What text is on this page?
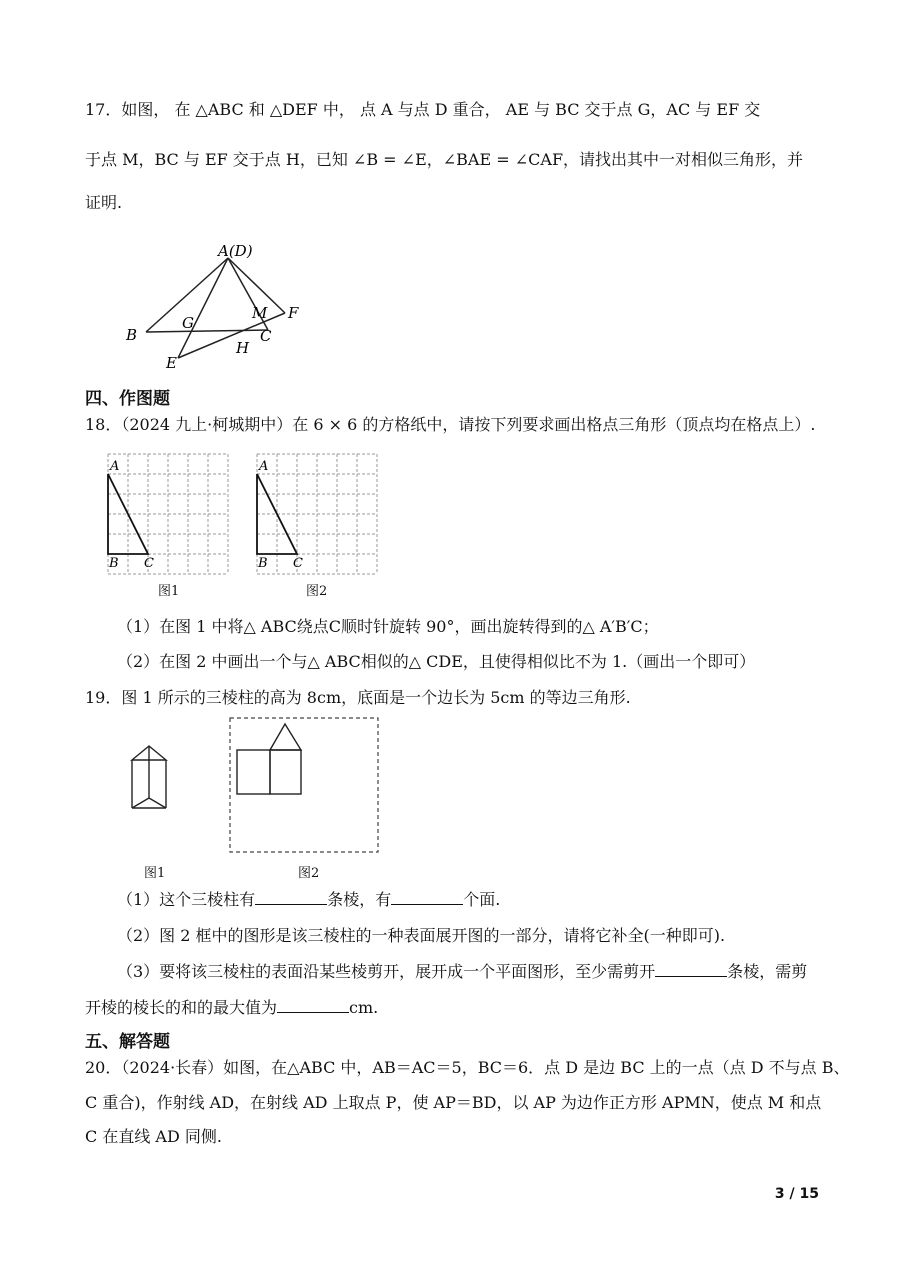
17．如图， 在 △ABC 和 △DEF 中， 点 A 与点 D 重合， AE 与 BC 交于点 G，AC 与 EF 交
于点 M，BC 与 EF 交于点 H，已知 ∠B = ∠E，∠BAE = ∠CAF，请找出其中一对相似三角形，并
证明.
A(D)
B
G
M F
C
H
E
四、作图题
18．（2024 九上·柯城期中）在 6 × 6 的方格纸中，请按下列要求画出格点三角形（顶点均在格点上）.
A
B C
图1
A
B C
图2
（1）在图 1 中将△ ABC绕点C顺时针旋转 90°，画出旋转得到的△ A′B′C；
（2）在图 2 中画出一个与△ ABC相似的△ CDE，且使得相似比不为 1.（画出一个即可）
19．图 1 所示的三棱柱的高为 8cm，底面是一个边长为 5cm 的等边三角形.
图1	图2
（1）这个三棱柱有	条棱，有	个面.
（2）图 2 框中的图形是该三棱柱的一种表面展开图的一部分，请将它补全(一种即可).
（3）要将该三棱柱的表面沿某些棱剪开，展开成一个平面图形，至少需剪开	条棱，需剪
开棱的棱长的和的最大值为	cm.
五、解答题
20．（2024·长春）如图，在△ABC 中，AB＝AC＝5，BC＝6．点 D 是边 BC 上的一点（点 D 不与点 B、
C 重合)，作射线 AD，在射线 AD 上取点 P，使 AP＝BD，以 AP 为边作正方形 APMN，使点 M 和点
C 在直线 AD 同侧.
3 / 15
